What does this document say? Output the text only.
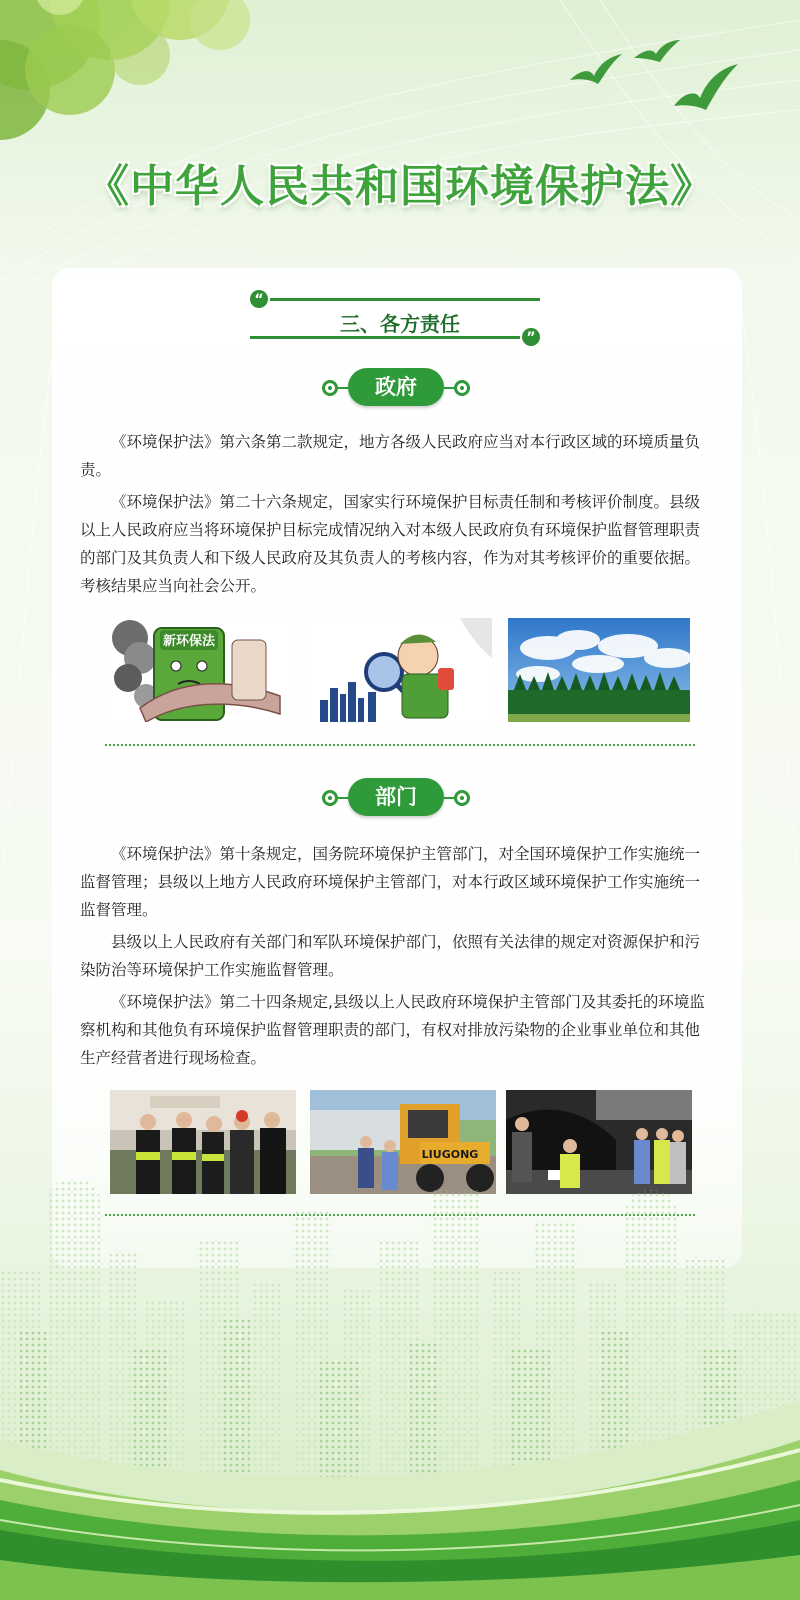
《中华人民共和国环境保护法》
“
三、各方责任
”
政府

《环境保护法》第六条第二款规定，地方各级人民政府应当对本行政区域的环境质量负责。

《环境保护法》第二十六条规定，国家实行环境保护目标责任制和考核评价制度。县级以上人民政府应当将环境保护目标完成情况纳入对本级人民政府负有环境保护监督管理职责的部门及其负责人和下级人民政府及其负责人的考核内容，作为对其考核评价的重要依据。考核结果应当向社会公开。

新环保法
部门

《环境保护法》第十条规定，国务院环境保护主管部门，对全国环境保护工作实施统一监督管理；县级以上地方人民政府环境保护主管部门，对本行政区域环境保护工作实施统一监督管理。

县级以上人民政府有关部门和军队环境保护部门，依照有关法律的规定对资源保护和污染防治等环境保护工作实施监督管理。

《环境保护法》第二十四条规定,县级以上人民政府环境保护主管部门及其委托的环境监察机构和其他负有环境保护监督管理职责的部门，有权对排放污染物的企业事业单位和其他生产经营者进行现场检查。

LIUGONG
